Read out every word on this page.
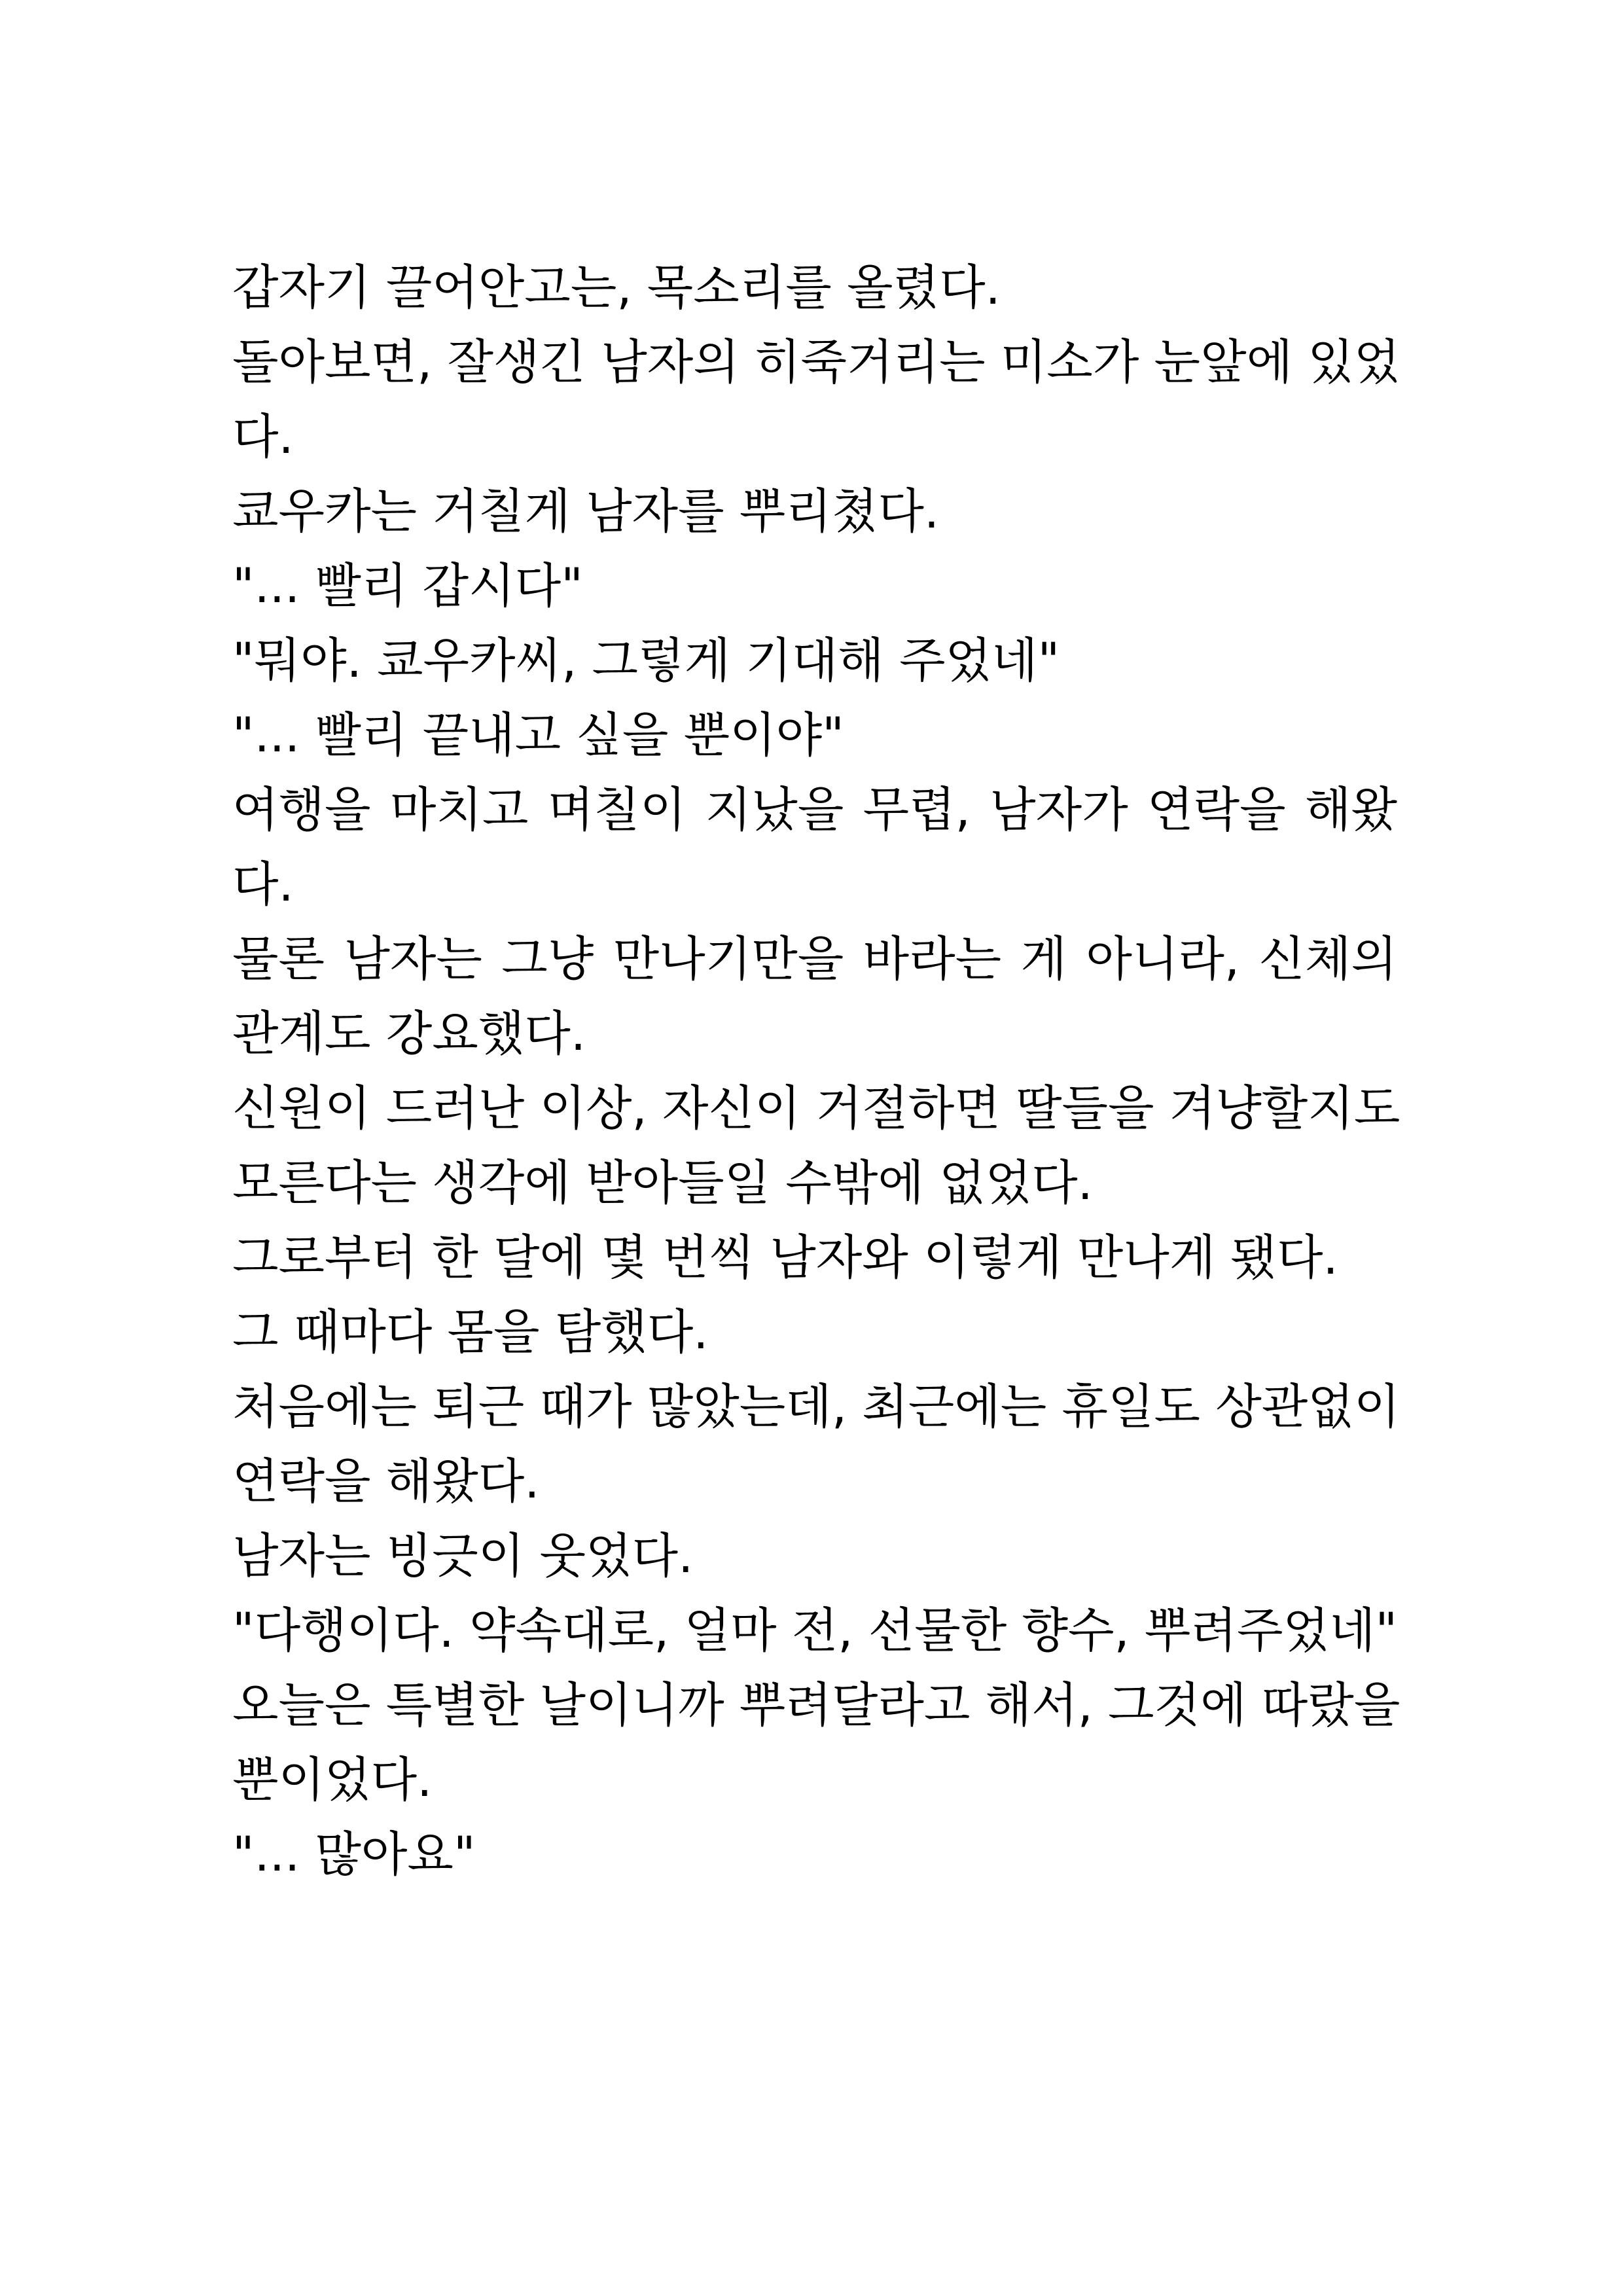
갑자기 끌어안고는, 목소리를 올렸다.
돌아보면, 잘생긴 남자의 히죽거리는 미소가 눈앞에 있었
다.
쿄우카는 거칠게 남자를 뿌리쳤다.
"... 빨리 갑시다"
"뭐야. 쿄우카씨, 그렇게 기대해 주었네"
"... 빨리 끝내고 싶을 뿐이야"
여행을 마치고 며칠이 지났을 무렵, 남자가 연락을 해왔
다.
물론 남자는 그냥 만나기만을 바라는 게 아니라, 신체의
관계도 강요했다.
신원이 드러난 이상, 자신이 거절하면 딸들을 겨냥할지도
모른다는 생각에 받아들일 수밖에 없었다.
그로부터 한 달에 몇 번씩 남자와 이렇게 만나게 됐다.
그 때마다 몸을 탐했다.
처음에는 퇴근 때가 많았는데, 최근에는 휴일도 상관없이
연락을 해왔다.
남자는 빙긋이 웃었다.
"다행이다. 약속대로, 얼마 전, 선물한 향수, 뿌려주었네"
오늘은 특별한 날이니까 뿌려달라고 해서, 그것에 따랐을
뿐이었다.
"... 많아요"
